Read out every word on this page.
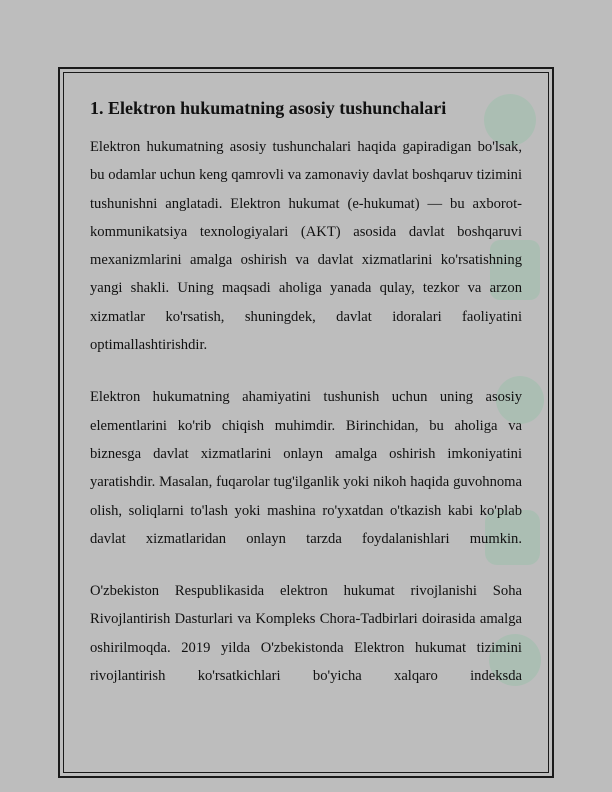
1. Elektron hukumatning asosiy tushunchalari

Elektron hukumatning asosiy tushunchalari haqida gapiradigan bo'lsak, bu odamlar uchun keng qamrovli va zamonaviy davlat boshqaruv tizimini tushunishni anglatadi. Elektron hukumat (e-hukumat) — bu axborot-kommunikatsiya texnologiyalari (AKT) asosida davlat boshqaruvi mexanizmlarini amalga oshirish va davlat xizmatlarini ko'rsatishning yangi shakli. Uning maqsadi aholiga yanada qulay, tezkor va arzon xizmatlar ko'rsatish, shuningdek, davlat idoralari faoliyatini optimallashtirishdir.

Elektron hukumatning ahamiyatini tushunish uchun uning asosiy elementlarini ko'rib chiqish muhimdir. Birinchidan, bu aholiga va biznesga davlat xizmatlarini onlayn amalga oshirish imkoniyatini yaratishdir. Masalan, fuqarolar tug'ilganlik yoki nikoh haqida guvohnoma olish, soliqlarni to'lash yoki mashina ro'yxatdan o'tkazish kabi ko'plab davlat xizmatlaridan onlayn tarzda foydalanishlari mumkin.

O'zbekiston Respublikasida elektron hukumat rivojlanishi Soha Rivojlantirish Dasturlari va Kompleks Chora-Tadbirlari doirasida amalga oshirilmoqda. 2019 yilda O'zbekistonda Elektron hukumat tizimini rivojlantirish ko'rsatkichlari bo'yicha xalqaro indeksda
